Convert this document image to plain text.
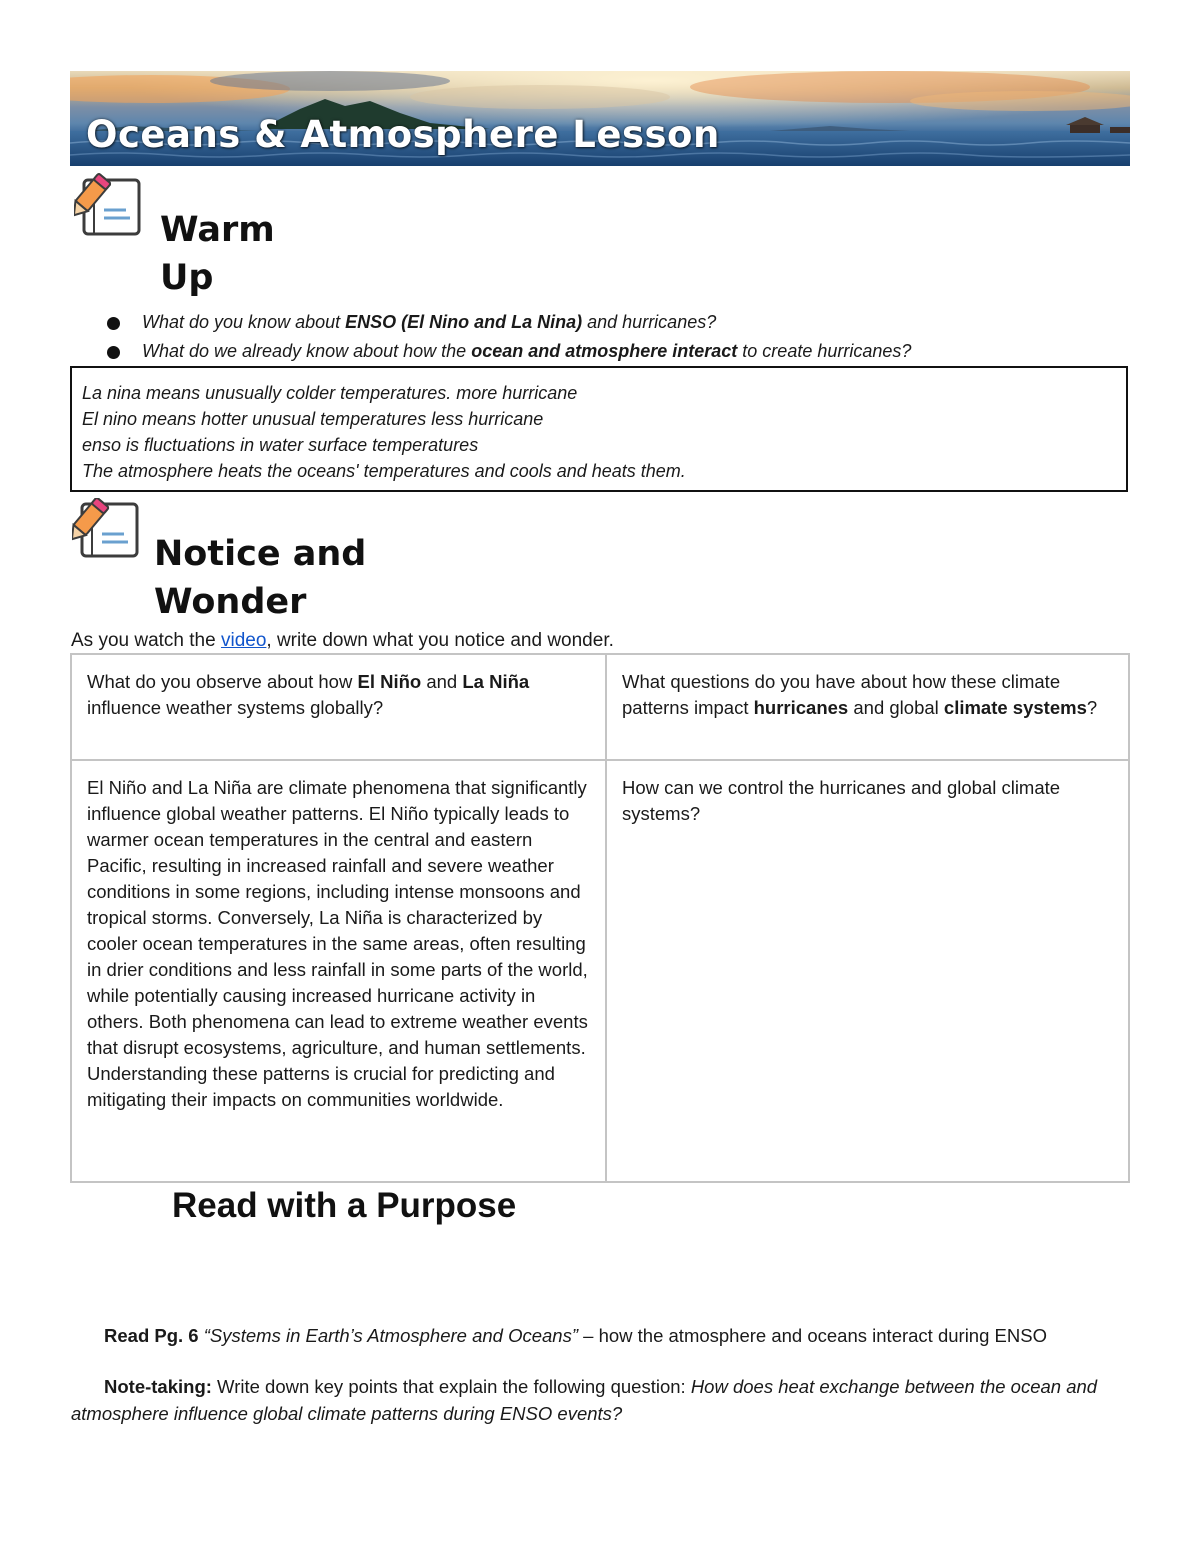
Oceans & Atmosphere Lesson
Warm
Up
What do you know about ENSO (El Nino and La Nina) and hurricanes?
What do we already know about how the ocean and atmosphere interact to create hurricanes?
La nina means unusually colder temperatures. more hurricane
El nino means hotter unusual temperatures less hurricane
enso is fluctuations in water surface temperatures
The atmosphere heats the oceans' temperatures and cools and heats them.
Notice and
Wonder
As you watch the video, write down what you notice and wonder.
What do you observe about how El Niño and La Niña influence weather systems globally?	What questions do you have about how these climate patterns impact hurricanes and global climate systems?
El Niño and La Niña are climate phenomena that significantly influence global weather patterns. El Niño typically leads to warmer ocean temperatures in the central and eastern Pacific, resulting in increased rainfall and severe weather conditions in some regions, including intense monsoons and tropical storms. Conversely, La Niña is characterized by cooler ocean temperatures in the same areas, often resulting in drier conditions and less rainfall in some parts of the world, while potentially causing increased hurricane activity in others. Both phenomena can lead to extreme weather events that disrupt ecosystems, agriculture, and human settlements. Understanding these patterns is crucial for predicting and mitigating their impacts on communities worldwide.	How can we control the hurricanes and global climate systems?
Read with a Purpose
Read Pg. 6 “Systems in Earth’s Atmosphere and Oceans” – how the atmosphere and oceans interact during ENSO
Note-taking: Write down key points that explain the following question: How does heat exchange between the ocean and atmosphere influence global climate patterns during ENSO events?
